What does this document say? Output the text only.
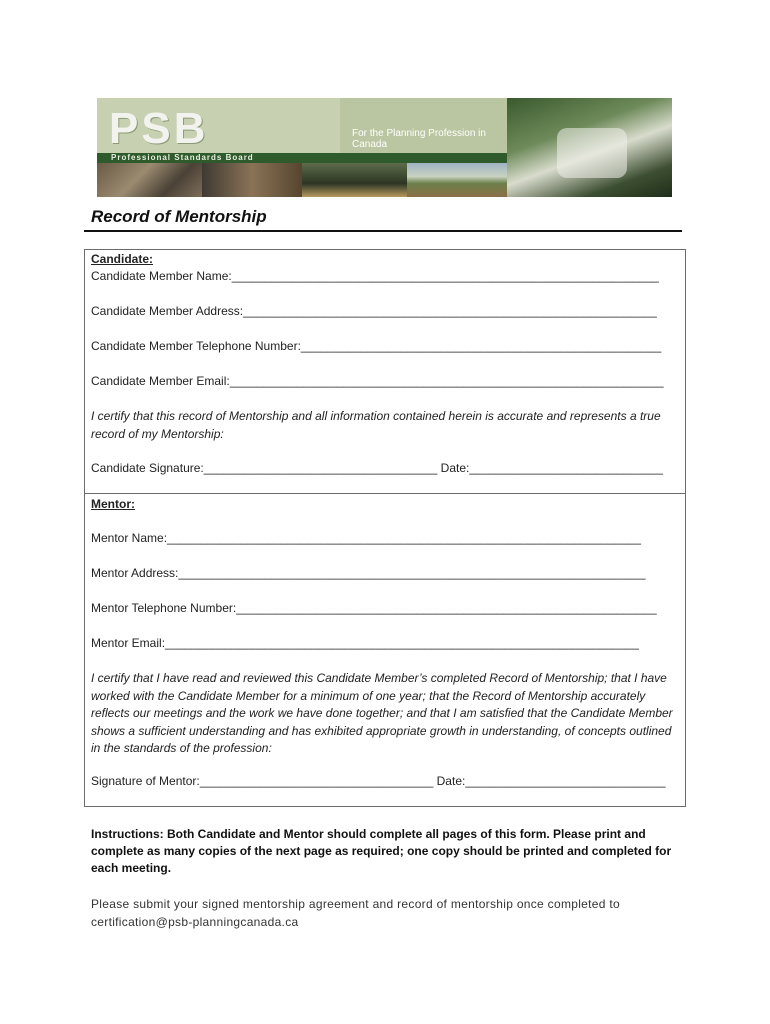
PSB	For the Planning Profession in Canada
Professional Standards Board
Record of Mentorship
Candidate:
Candidate Member Name:________________________________________________________________
Candidate Member Address:______________________________________________________________
Candidate Member Telephone Number:______________________________________________________
Candidate Member Email:_________________________________________________________________
I certify that this record of Mentorship and all information contained herein is accurate and represents a true record of my Mentorship:
Candidate Signature:___________________________________ Date:_____________________________
Mentor:
Mentor Name:_______________________________________________________________________
Mentor Address:______________________________________________________________________
Mentor Telephone Number:_______________________________________________________________
Mentor Email:_______________________________________________________________________
I certify that I have read and reviewed this Candidate Member’s completed Record of Mentorship; that I have worked with the Candidate Member for a minimum of one year; that the Record of Mentorship accurately reflects our meetings and the work we have done together; and that I am satisfied that the Candidate Member shows a sufficient understanding and has exhibited appropriate growth in understanding, of concepts outlined in the standards of the profession:
Signature of Mentor:___________________________________ Date:______________________________
Instructions: Both Candidate and Mentor should complete all pages of this form. Please print and complete as many copies of the next page as required; one copy should be printed and completed for each meeting.
Please submit your signed mentorship agreement and record of mentorship once completed to certification@psb-planningcanada.ca
